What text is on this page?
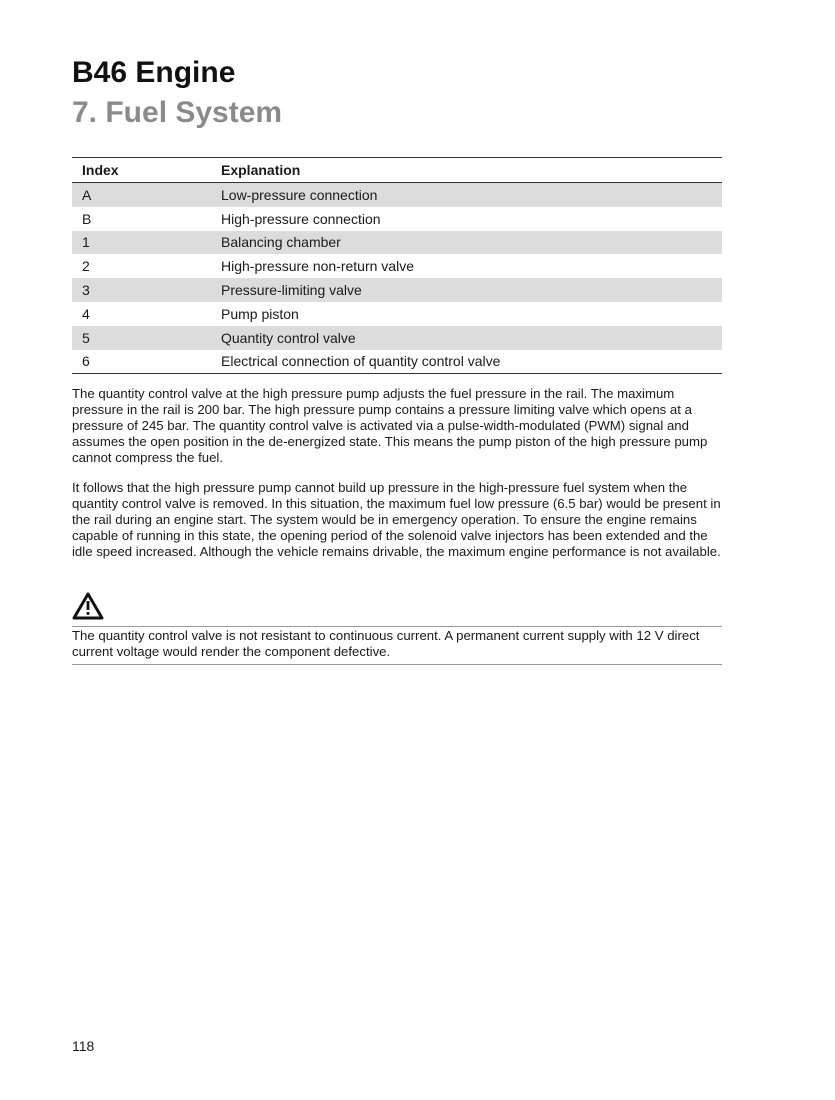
B46 Engine
7. Fuel System
Index	Explanation
A	Low-pressure connection
B	High-pressure connection
1	Balancing chamber
2	High-pressure non-return valve
3	Pressure-limiting valve
4	Pump piston
5	Quantity control valve
6	Electrical connection of quantity control valve

The quantity control valve at the high pressure pump adjusts the fuel pressure in the rail. The maximum pressure in the rail is 200 bar. The high pressure pump contains a pressure limiting valve which opens at a pressure of 245 bar. The quantity control valve is activated via a pulse-width-modulated (PWM) signal and assumes the open position in the de-energized state. This means the pump piston of the high pressure pump cannot compress the fuel.

It follows that the high pressure pump cannot build up pressure in the high-pressure fuel system when the quantity control valve is removed. In this situation, the maximum fuel low pressure (6.5 bar) would be present in the rail during an engine start. The system would be in emergency operation. To ensure the engine remains capable of running in this state, the opening period of the solenoid valve injectors has been extended and the idle speed increased. Although the vehicle remains drivable, the maximum engine performance is not available.

The quantity control valve is not resistant to continuous current. A permanent current supply with 12 V direct current voltage would render the component defective.

118
